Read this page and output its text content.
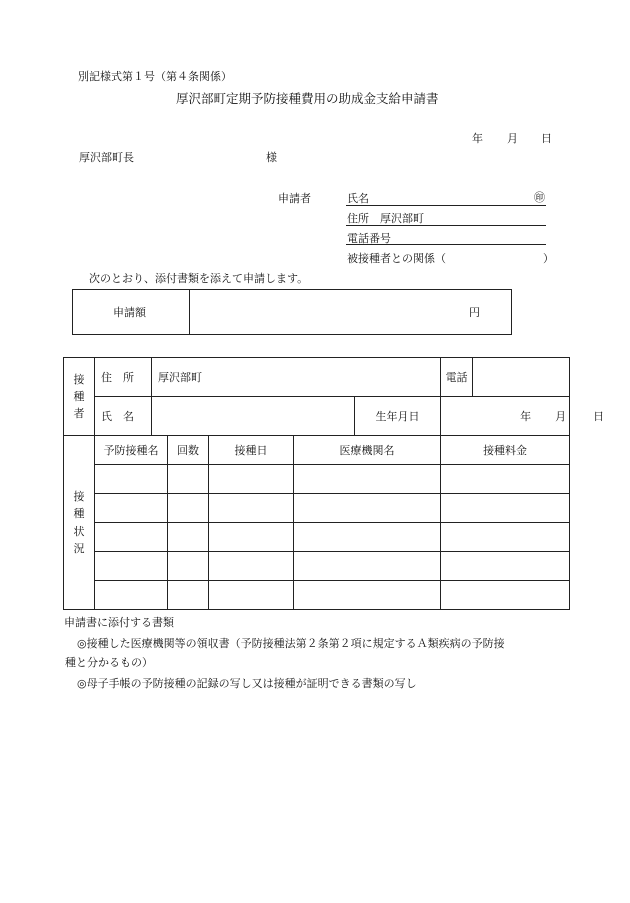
別記様式第１号（第４条関係）
厚沢部町定期予防接種費用の助成金支給申請書
年 月 日
厚沢部町長	様
申請者	氏名	㊞
住所　厚沢部町
電話番号
被接種者との関係（	）
次のとおり、添付書類を添えて申請します。
申請額	円
接種者	住　所	厚沢部町					電話	
	氏　名					生年月日	年 月 日	

接種状況	予防接種名		回数	接種日	医療機関名		接種料金	

申請書に添付する書類
◎接種した医療機関等の領収書（予防接種法第２条第２項に規定するＡ類疾病の予防接
種と分かるもの）
◎母子手帳の予防接種の記録の写し又は接種が証明できる書類の写し
